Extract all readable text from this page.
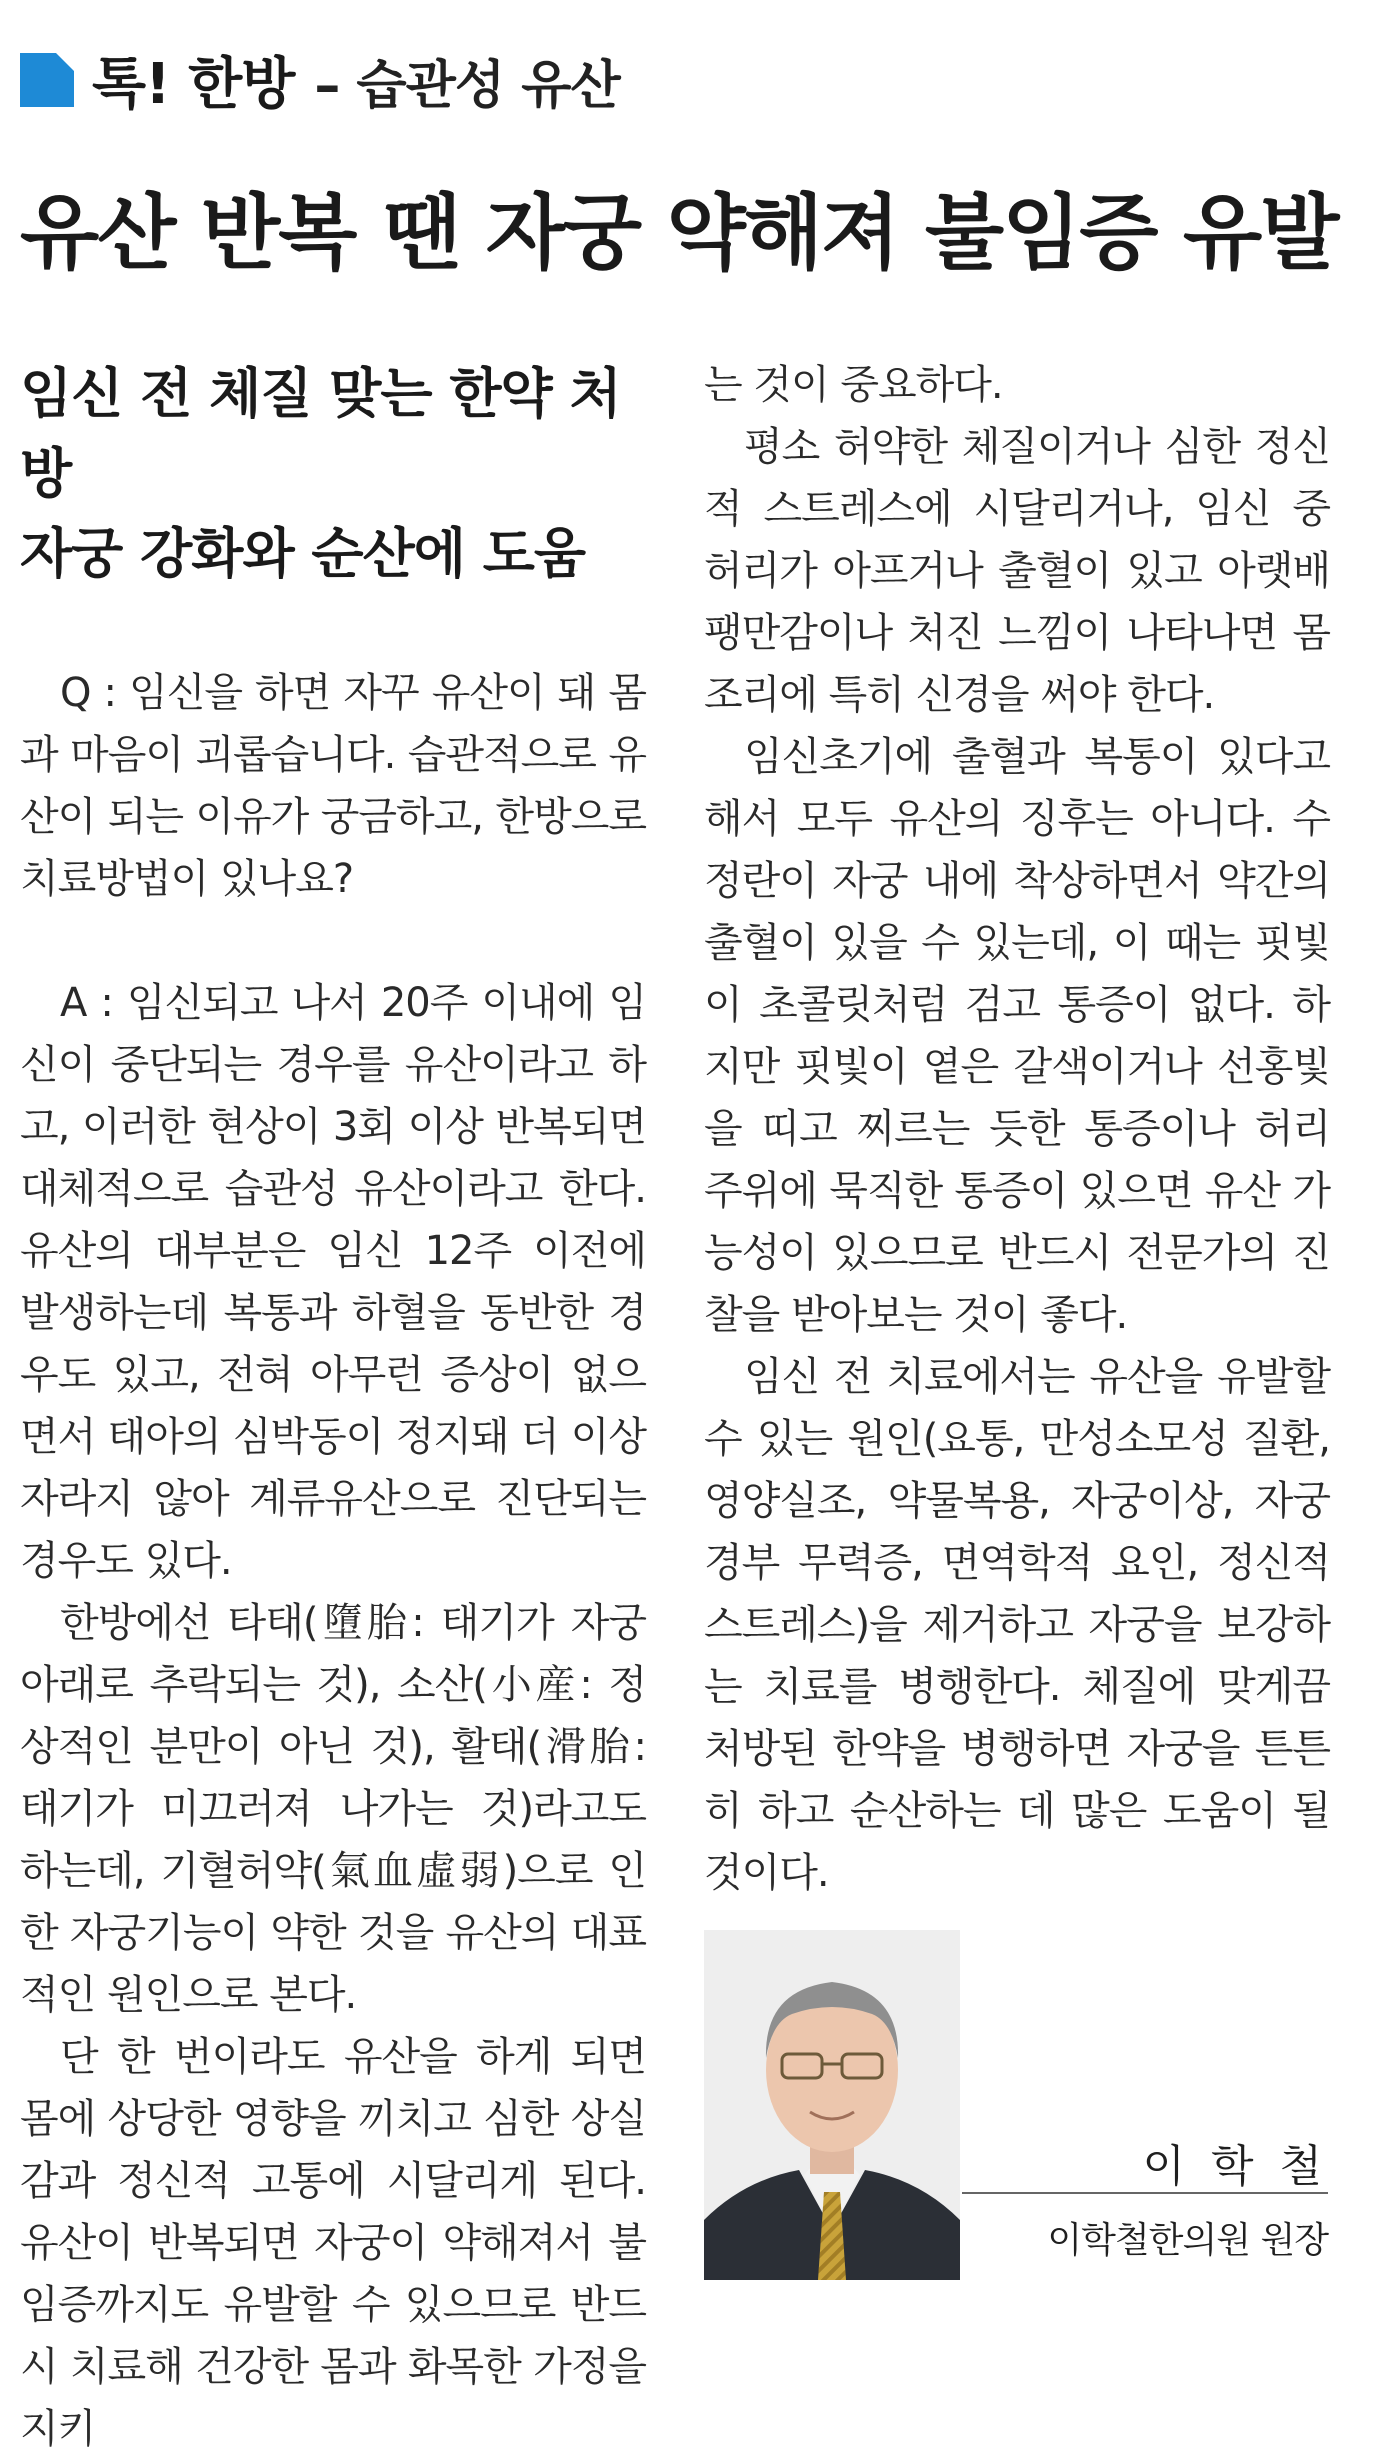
톡! 한방 – 습관성 유산
유산 반복 땐 자궁 약해져 불임증 유발
임신 전 체질 맞는 한약 처방
자궁 강화와 순산에 도움

Q : 임신을 하면 자꾸 유산이 돼 몸과 마음이 괴롭습니다. 습관적으로 유산이 되는 이유가 궁금하고, 한방으로 치료방법이 있나요?

A : 임신되고 나서 20주 이내에 임신이 중단되는 경우를 유산이라고 하고, 이러한 현상이 3회 이상 반복되면 대체적으로 습관성 유산이라고 한다. 유산의 대부분은 임신 12주 이전에 발생하는데 복통과 하혈을 동반한 경우도 있고, 전혀 아무런 증상이 없으면서 태아의 심박동이 정지돼 더 이상 자라지 않아 계류유산으로 진단되는 경우도 있다.

한방에선 타태(墮胎: 태기가 자궁 아래로 추락되는 것), 소산(小産: 정상적인 분만이 아닌 것), 활태(滑胎: 태기가 미끄러져 나가는 것)라고도 하는데, 기혈허약(氣血虛弱)으로 인한 자궁기능이 약한 것을 유산의 대표적인 원인으로 본다.

단 한 번이라도 유산을 하게 되면 몸에 상당한 영향을 끼치고 심한 상실감과 정신적 고통에 시달리게 된다. 유산이 반복되면 자궁이 약해져서 불임증까지도 유발할 수 있으므로 반드시 치료해 건강한 몸과 화목한 가정을 지키

는 것이 중요하다.

평소 허약한 체질이거나 심한 정신적 스트레스에 시달리거나, 임신 중 허리가 아프거나 출혈이 있고 아랫배 팽만감이나 처진 느낌이 나타나면 몸조리에 특히 신경을 써야 한다.

임신초기에 출혈과 복통이 있다고 해서 모두 유산의 징후는 아니다. 수정란이 자궁 내에 착상하면서 약간의 출혈이 있을 수 있는데, 이 때는 핏빛이 초콜릿처럼 검고 통증이 없다. 하지만 핏빛이 옅은 갈색이거나 선홍빛을 띠고 찌르는 듯한 통증이나 허리 주위에 묵직한 통증이 있으면 유산 가능성이 있으므로 반드시 전문가의 진찰을 받아보는 것이 좋다.

임신 전 치료에서는 유산을 유발할 수 있는 원인(요통, 만성소모성 질환, 영양실조, 약물복용, 자궁이상, 자궁경부 무력증, 면역학적 요인, 정신적 스트레스)을 제거하고 자궁을 보강하는 치료를 병행한다. 체질에 맞게끔 처방된 한약을 병행하면 자궁을 튼튼히 하고 순산하는 데 많은 도움이 될 것이다.

이 학 철
이학철한의원 원장
